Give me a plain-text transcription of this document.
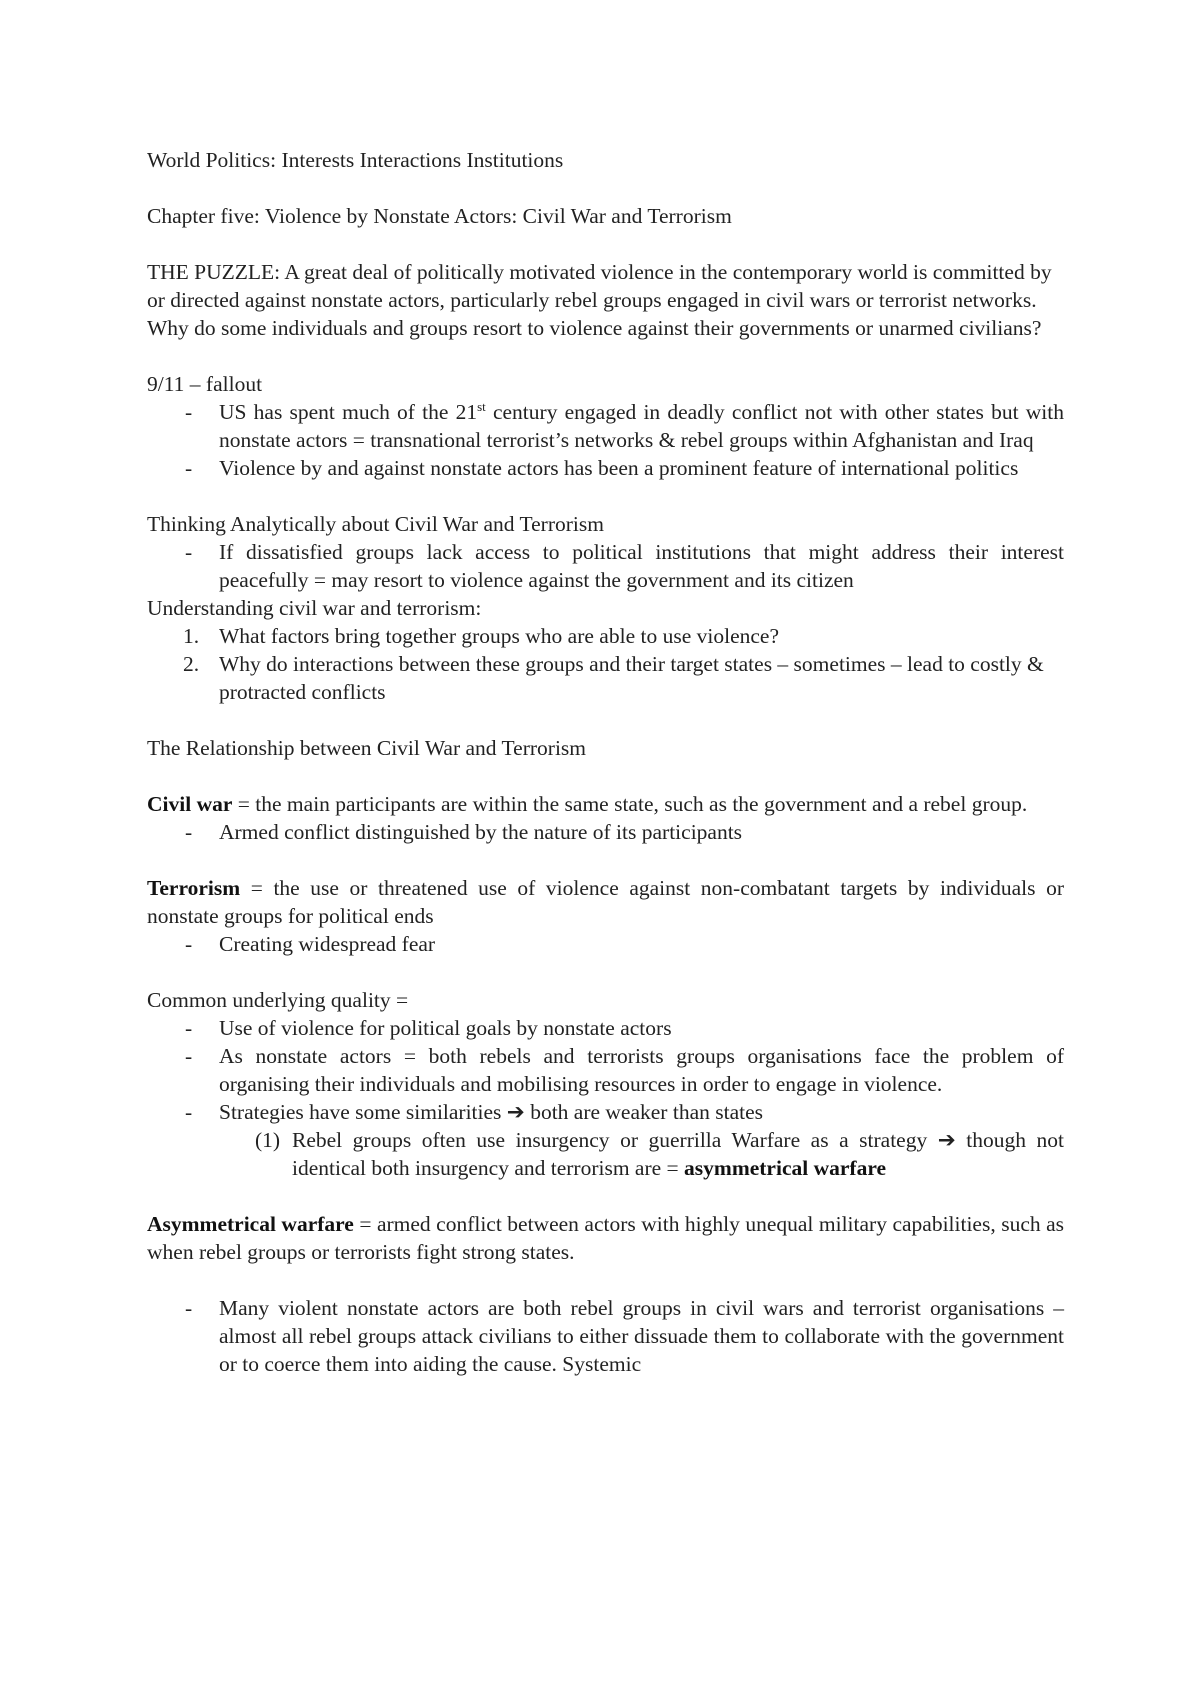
World Politics: Interests Interactions Institutions

Chapter five: Violence by Nonstate Actors: Civil War and Terrorism

THE PUZZLE: A great deal of politically motivated violence in the contemporary world is committed by or directed against nonstate actors, particularly rebel groups engaged in civil wars or terrorist networks. Why do some individuals and groups resort to violence against their governments or unarmed civilians?

9/11 – fallout

- US has spent much of the 21st century engaged in deadly conflict not with other states but with nonstate actors = transnational terrorist’s networks & rebel groups within Afghanistan and Iraq
- Violence by and against nonstate actors has been a prominent feature of international politics

Thinking Analytically about Civil War and Terrorism

- If dissatisfied groups lack access to political institutions that might address their interest peacefully = may resort to violence against the government and its citizen

Understanding civil war and terrorism:

1. What factors bring together groups who are able to use violence?
2. Why do interactions between these groups and their target states – sometimes – lead to costly & protracted conflicts

The Relationship between Civil War and Terrorism

Civil war = the main participants are within the same state, such as the government and a rebel group.

- Armed conflict distinguished by the nature of its participants

Terrorism = the use or threatened use of violence against non-combatant targets by individuals or nonstate groups for political ends

- Creating widespread fear

Common underlying quality =

- Use of violence for political goals by nonstate actors
- As nonstate actors = both rebels and terrorists groups organisations face the problem of organising their individuals and mobilising resources in order to engage in violence.
- Strategies have some similarities ➔ both are weaker than states
(1) Rebel groups often use insurgency or guerrilla Warfare as a strategy ➔ though not identical both insurgency and terrorism are = asymmetrical warfare

Asymmetrical warfare = armed conflict between actors with highly unequal military capabilities, such as when rebel groups or terrorists fight strong states.

- Many violent nonstate actors are both rebel groups in civil wars and terrorist organisations – almost all rebel groups attack civilians to either dissuade them to collaborate with the government or to coerce them into aiding the cause. Systemic
